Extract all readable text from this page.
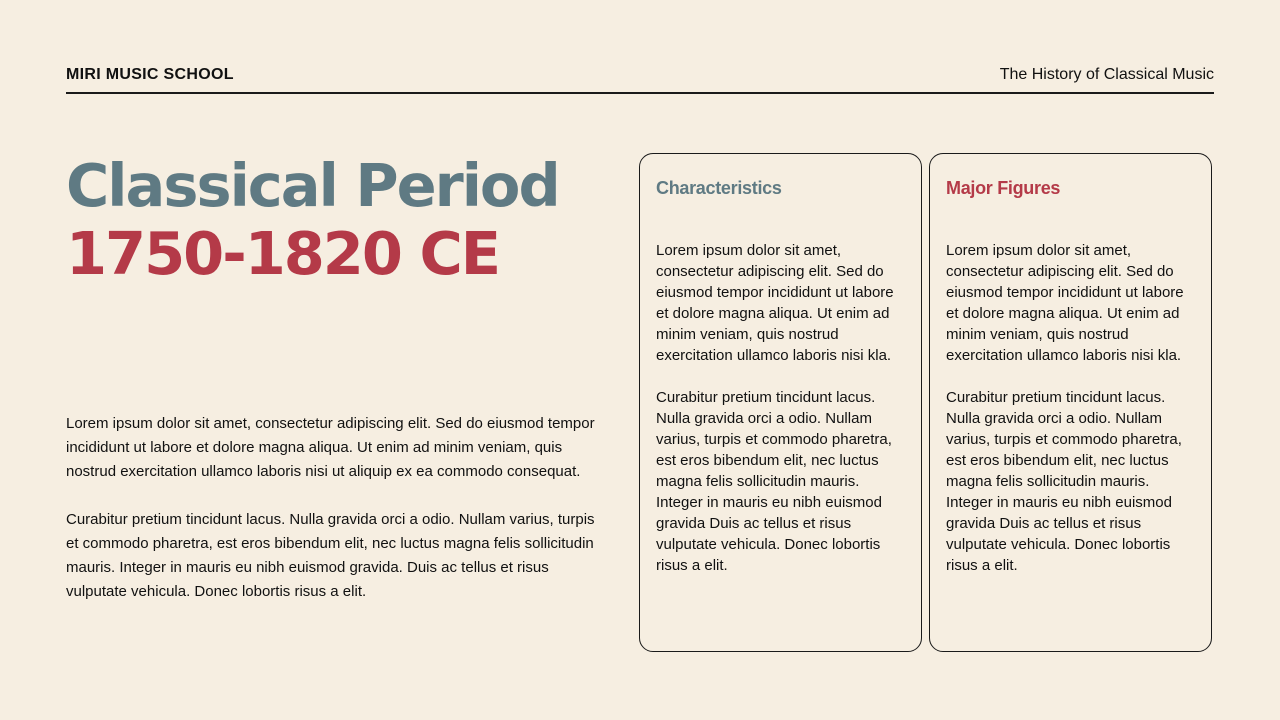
MIRI MUSIC SCHOOL	The History of Classical Music
Classical Period
1750-1820 CE

Lorem ipsum dolor sit amet, consectetur adipiscing elit. Sed do eiusmod tempor incididunt ut labore et dolore magna aliqua. Ut enim ad minim veniam, quis nostrud exercitation ullamco laboris nisi ut aliquip ex ea commodo consequat.

Curabitur pretium tincidunt lacus. Nulla gravida orci a odio. Nullam varius, turpis et commodo pharetra, est eros bibendum elit, nec luctus magna felis sollicitudin mauris. Integer in mauris eu nibh euismod gravida. Duis ac tellus et risus vulputate vehicula. Donec lobortis risus a elit.

Characteristics

Lorem ipsum dolor sit amet, consectetur adipiscing elit. Sed do eiusmod tempor incididunt ut labore et dolore magna aliqua. Ut enim ad minim veniam, quis nostrud exercitation ullamco laboris nisi kla.

Curabitur pretium tincidunt lacus. Nulla gravida orci a odio. Nullam varius, turpis et commodo pharetra, est eros bibendum elit, nec luctus magna felis sollicitudin mauris. Integer in mauris eu nibh euismod gravida Duis ac tellus et risus vulputate vehicula. Donec lobortis risus a elit.

Major Figures

Lorem ipsum dolor sit amet, consectetur adipiscing elit. Sed do eiusmod tempor incididunt ut labore et dolore magna aliqua. Ut enim ad minim veniam, quis nostrud exercitation ullamco laboris nisi kla.

Curabitur pretium tincidunt lacus. Nulla gravida orci a odio. Nullam varius, turpis et commodo pharetra, est eros bibendum elit, nec luctus magna felis sollicitudin mauris. Integer in mauris eu nibh euismod gravida Duis ac tellus et risus vulputate vehicula. Donec lobortis risus a elit.
